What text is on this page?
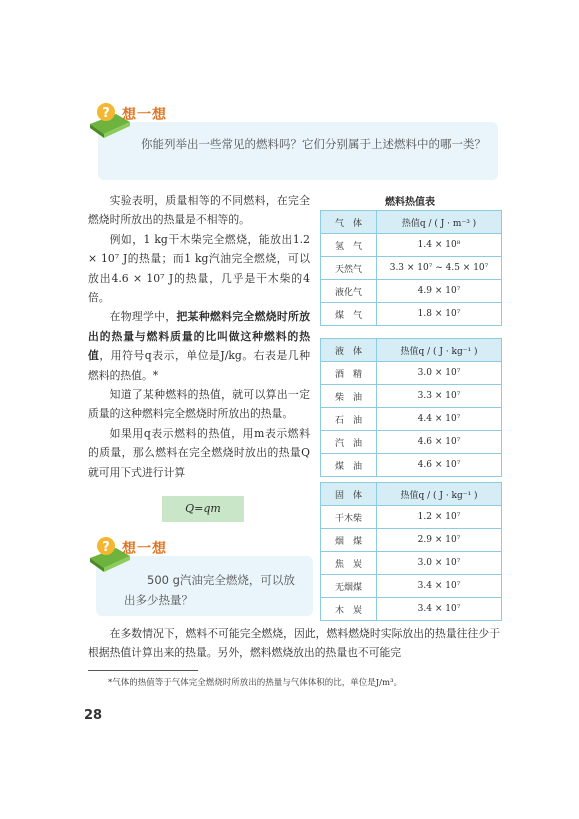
? 想一想
你能列举出一些常见的燃料吗？它们分别属于上述燃料中的哪一类？

实验表明，质量相等的不同燃料，在完全燃烧时所放出的热量是不相等的。

例如，1 kg干木柴完全燃烧，能放出1.2 × 10⁷ J的热量；而1 kg汽油完全燃烧，可以放出4.6 × 10⁷ J的热量，几乎是干木柴的4倍。

在物理学中，把某种燃料完全燃烧时所放出的热量与燃料质量的比叫做这种燃料的热值，用符号q表示，单位是J/kg。右表是几种燃料的热值。*

知道了某种燃料的热值，就可以算出一定质量的这种燃料完全燃烧时所放出的热量。

如果用q表示燃料的热值，用m表示燃料的质量，那么燃料在完全燃烧时放出的热量Q就可用下式进行计算

Q=qm
? 想一想
500 g汽油完全燃烧，可以放出多少热量？
燃料热值表
气　体	热值q / ( J · m⁻³ )
氢　气	1.4 × 10⁸
天然气	3.3 × 10⁷ ~ 4.5 × 10⁷
液化气	4.9 × 10⁷
煤　气	1.8 × 10⁷
液　体	热值q / ( J · kg⁻¹ )
酒　精	3.0 × 10⁷
柴　油	3.3 × 10⁷
石　油	4.4 × 10⁷
汽　油	4.6 × 10⁷
煤　油	4.6 × 10⁷
固　体	热值q / ( J · kg⁻¹ )
干木柴	1.2 × 10⁷
烟　煤	2.9 × 10⁷
焦　炭	3.0 × 10⁷
无烟煤	3.4 × 10⁷
木　炭	3.4 × 10⁷

在多数情况下，燃料不可能完全燃烧，因此，燃料燃烧时实际放出的热量往往少于根据热值计算出来的热量。另外，燃料燃烧放出的热量也不可能完

*气体的热值等于气体完全燃烧时所放出的热量与气体体积的比，单位是J/m³。
28
